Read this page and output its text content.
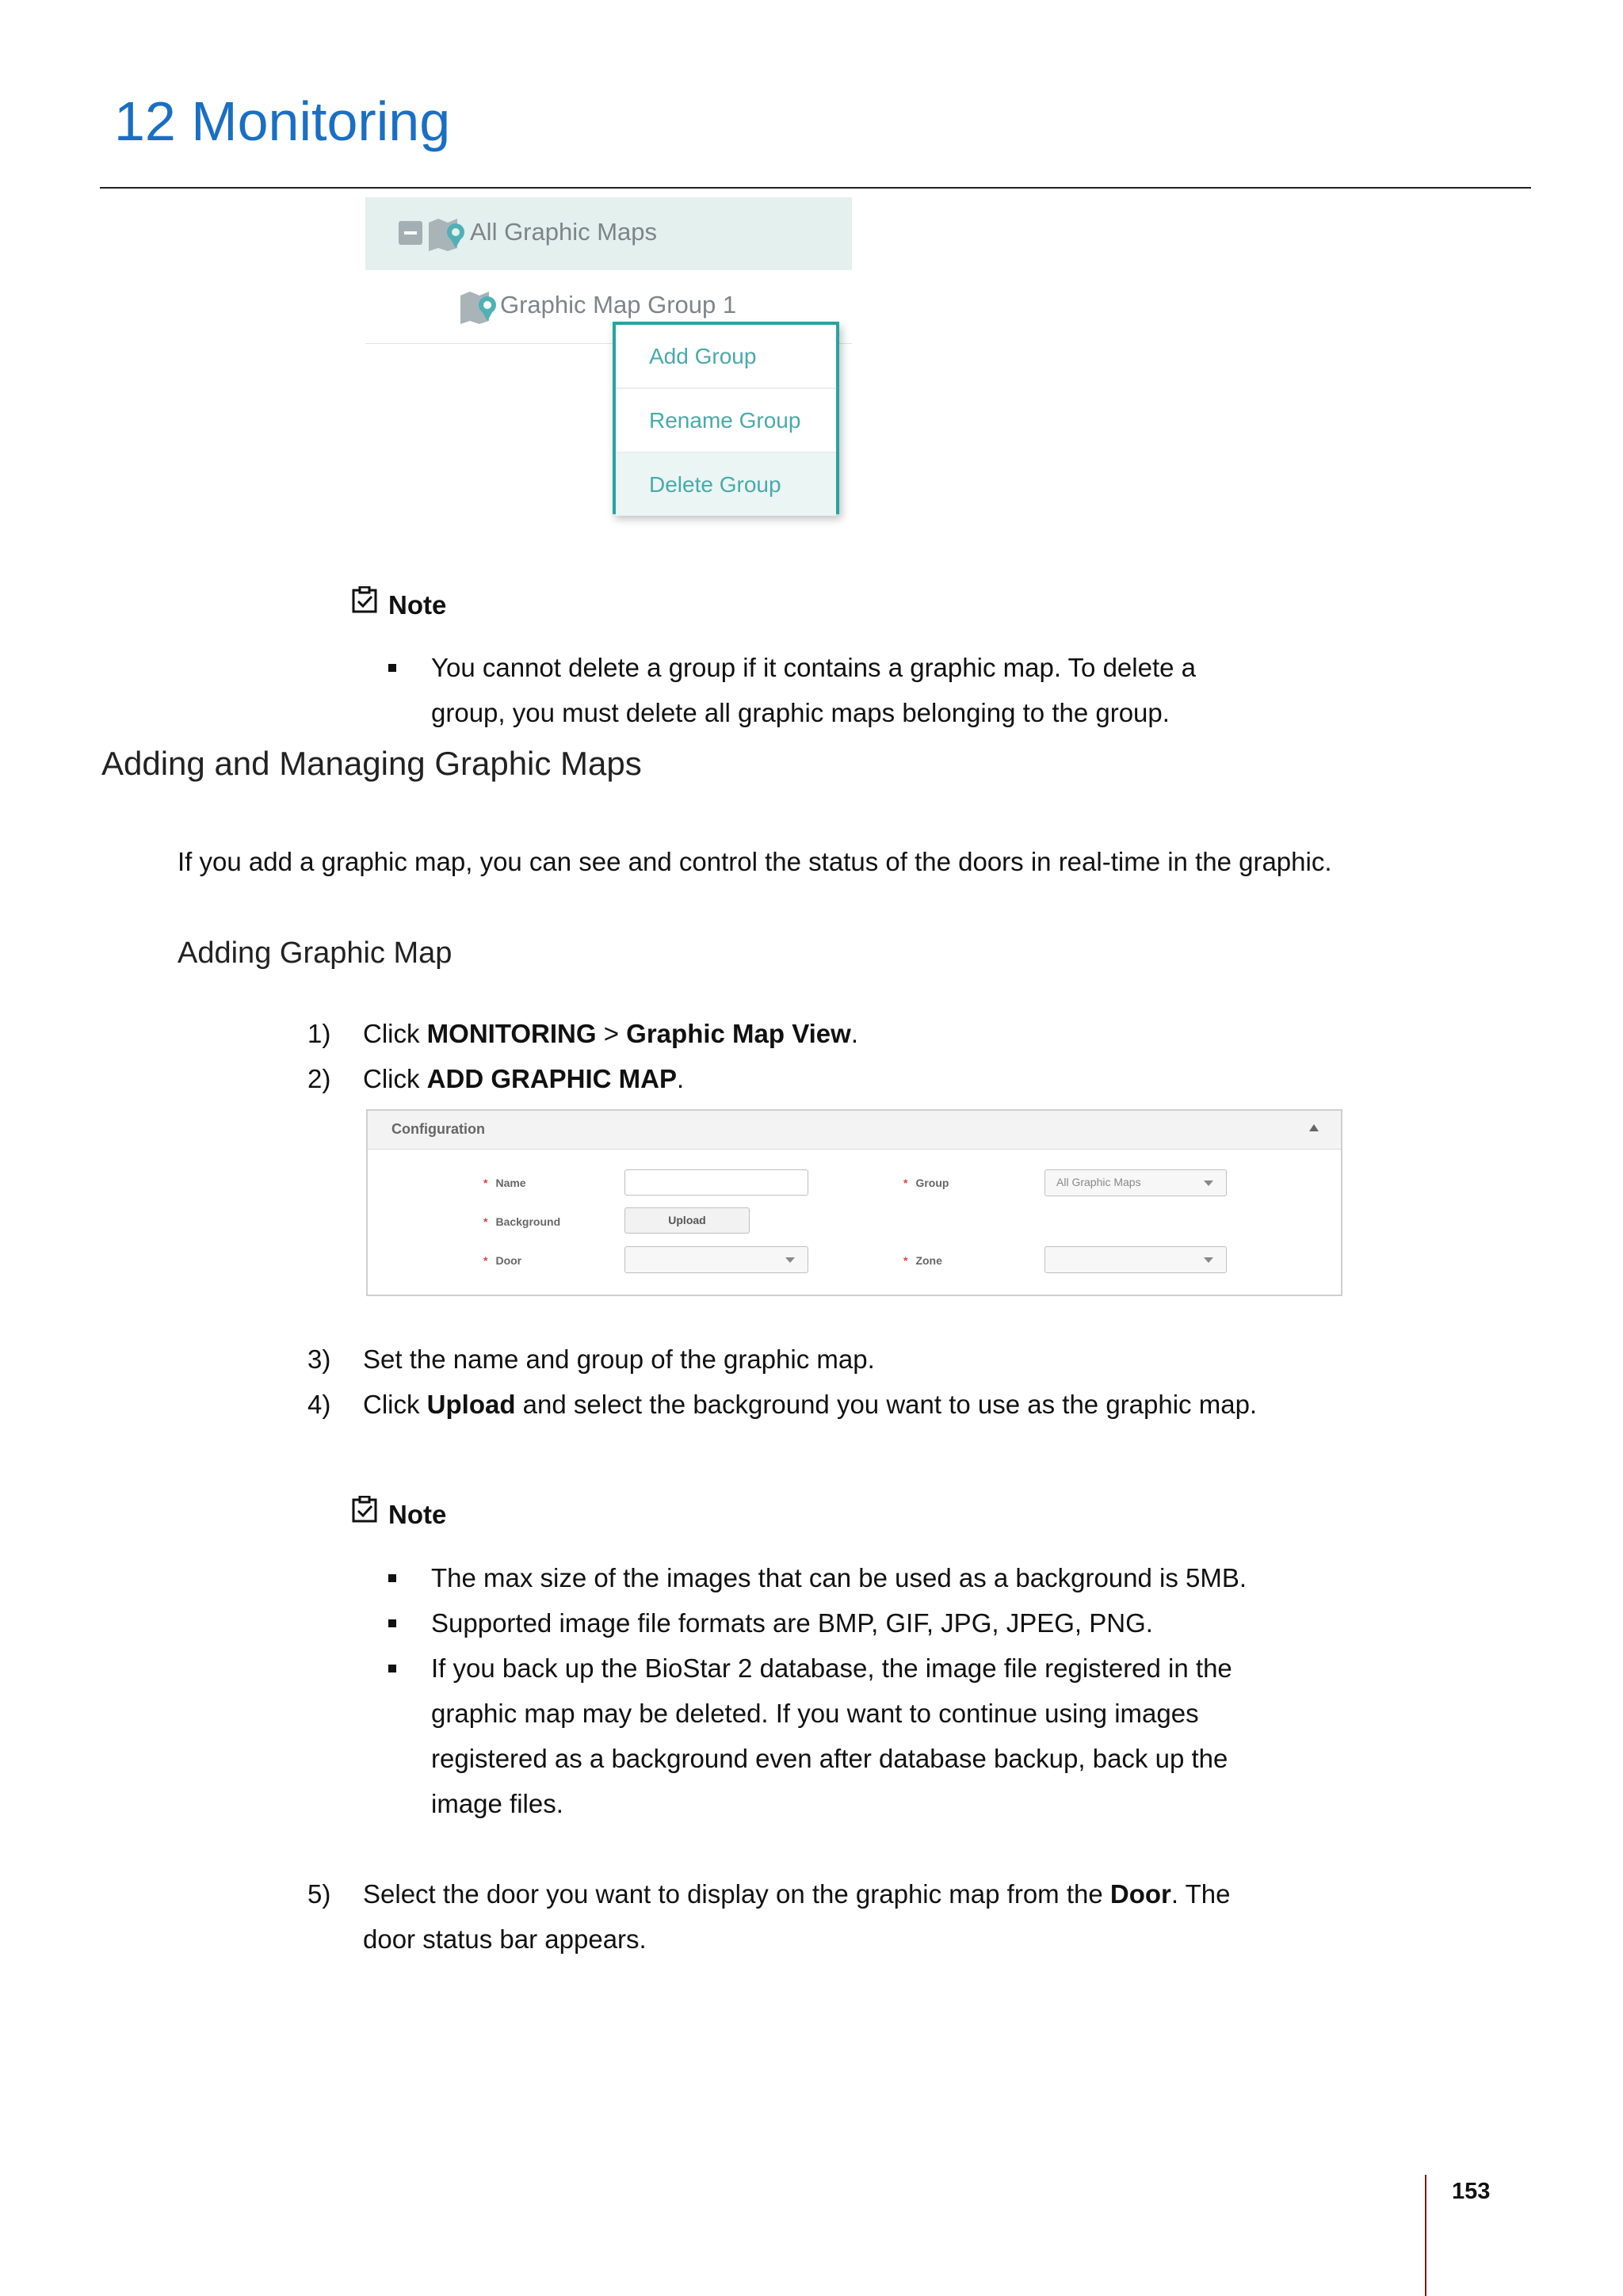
12 Monitoring
All Graphic Maps
Graphic Map Group 1
Add Group
Rename Group
Delete Group
Note
You cannot delete a group if it contains a graphic map. To delete a
group, you must delete all graphic maps belonging to the group.
Adding and Managing Graphic Maps
If you add a graphic map, you can see and control the status of the doors in real-time in the graphic.
Adding Graphic Map
1) Click MONITORING > Graphic Map View.
2) Click ADD GRAPHIC MAP.
Configuration
* Name
* Background	Upload
* Door
* Group	All Graphic Maps
* Zone
3) Set the name and group of the graphic map.
4) Click Upload and select the background you want to use as the graphic map.
Note
The max size of the images that can be used as a background is 5MB.
Supported image file formats are BMP, GIF, JPG, JPEG, PNG.
If you back up the BioStar 2 database, the image file registered in the
graphic map may be deleted. If you want to continue using images
registered as a background even after database backup, back up the
image files.
5) Select the door you want to display on the graphic map from the Door. The
door status bar appears.
153
